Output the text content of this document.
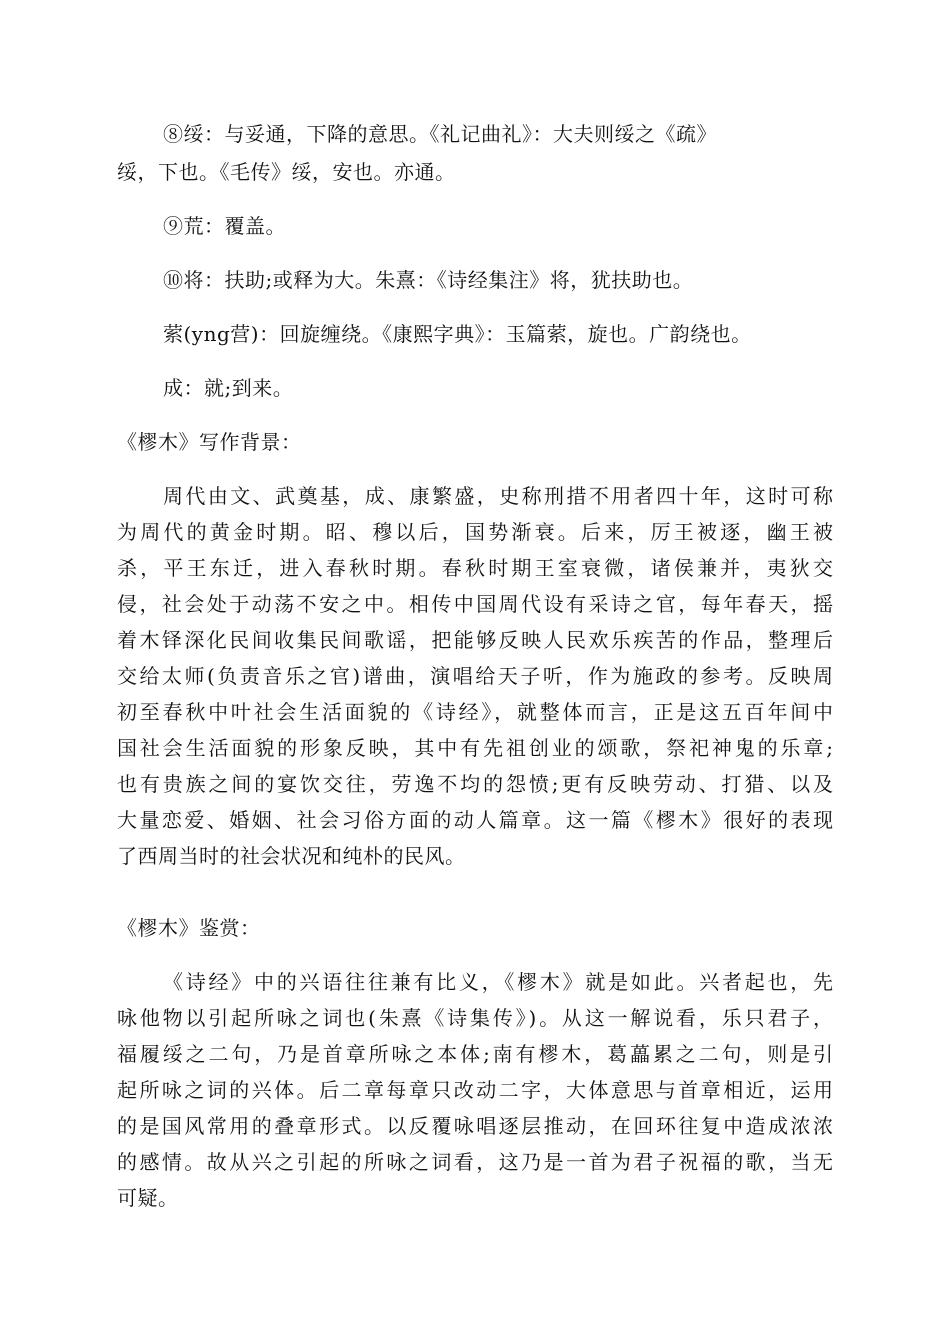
⑧绥：与妥通，下降的意思。《礼记曲礼》：大夫则绥之《疏》
绥，下也。《毛传》绥，安也。亦通。
⑨荒：覆盖。
⑩将：扶助;或释为大。朱熹：《诗经集注》将，犹扶助也。
萦(yng营)：回旋缠绕。《康熙字典》：玉篇萦，旋也。广韵绕也。
成：就;到来。
《樛木》写作背景：
周代由文、武奠基，成、康繁盛，史称刑措不用者四十年，这时可称
为周代的黄金时期。昭、穆以后，国势渐衰。后来，厉王被逐，幽王被
杀，平王东迁，进入春秋时期。春秋时期王室衰微，诸侯兼并，夷狄交
侵，社会处于动荡不安之中。相传中国周代设有采诗之官，每年春天，摇
着木铎深化民间收集民间歌谣，把能够反映人民欢乐疾苦的作品，整理后
交给太师(负责音乐之官)谱曲，演唱给天子听，作为施政的参考。反映周
初至春秋中叶社会生活面貌的《诗经》，就整体而言，正是这五百年间中
国社会生活面貌的形象反映，其中有先祖创业的颂歌，祭祀神鬼的乐章;
也有贵族之间的宴饮交往，劳逸不均的怨愤;更有反映劳动、打猎、以及
大量恋爱、婚姻、社会习俗方面的动人篇章。这一篇《樛木》很好的表现
了西周当时的社会状况和纯朴的民风。
《樛木》鉴赏：
《诗经》中的兴语往往兼有比义，《樛木》就是如此。兴者起也，先
咏他物以引起所咏之词也(朱熹《诗集传》)。从这一解说看，乐只君子，
福履绥之二句，乃是首章所咏之本体;南有樛木，葛藟累之二句，则是引
起所咏之词的兴体。后二章每章只改动二字，大体意思与首章相近，运用
的是国风常用的叠章形式。以反覆咏唱逐层推动，在回环往复中造成浓浓
的感情。故从兴之引起的所咏之词看，这乃是一首为君子祝福的歌，当无
可疑。
